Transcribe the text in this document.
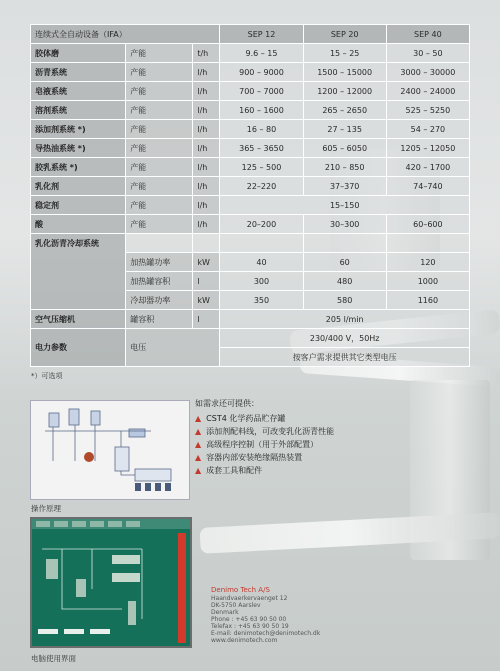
连续式全自动设备（IFA）			SEP 12	SEP 20	SEP 40
胶体磨	产能	t/h	9.6 – 15	15 – 25	30 – 50
沥青系统	产能	l/h	900 – 9000	1500 – 15000	3000 – 30000
皂液系统	产能	l/h	700 – 7000	1200 – 12000	2400 – 24000
溶剂系统	产能	l/h	160 – 1600	265 – 2650	525 – 5250
添加剂系统 *)	产能	l/h	16 – 80	27 – 135	54 – 270
导热油系统 *)	产能	l/h	365 – 3650	605 – 6050	1205 – 12050
胶乳系统 *)	产能	l/h	125 – 500	210 – 850	420 – 1700
乳化剂	产能	l/h	22–220	37–370	74–740
稳定剂	产能	l/h	15–150		
酸	产能	l/h	20–200	30–300	60–600
乳化沥青冷却系统					
	加热罐功率	kW	40	60	120
	加热罐容积	l	300	480	1000
	冷却器功率	kW	350	580	1160
空气压缩机	罐容积	l	205 l/min		
电力参数	电压		230/400 V，50Hz		
			按客户需求提供其它类型电压		
*）可选项
操作原理
如需求还可提供：
▲ CST4 化学药品贮存罐
▲ 添加剂配料线，可改变乳化沥青性能
▲ 高级程序控制（用于外部配置）
▲ 容器内部安装绝缘隔热装置
▲ 成套工具和配件
电脑使用界面
Denimo Tech A/S
Haandvaerkervaenget 12
DK-5750 Aarslev
Denmark
Phone : +45 63 90 50 00
Telefax : +45 63 90 50 19
E-mail: denimotech@denimotech.dk
www.denimotech.com
